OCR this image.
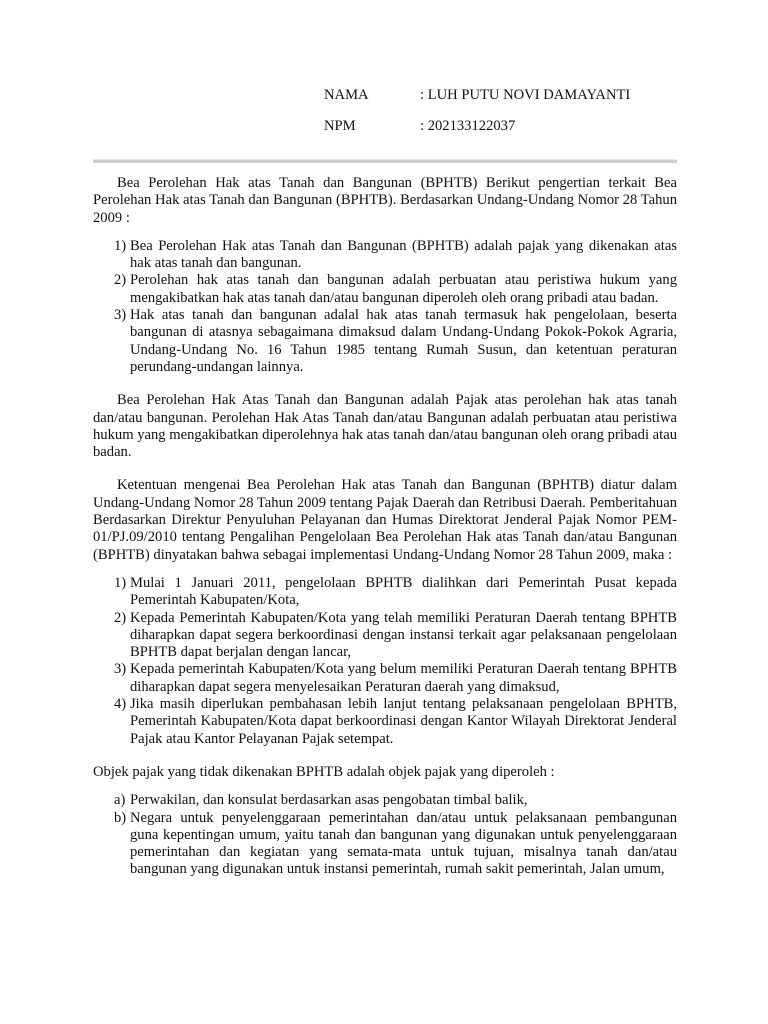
NAMA	: LUH PUTU NOVI DAMAYANTI
NPM	: 202133122037

Bea Perolehan Hak atas Tanah dan Bangunan (BPHTB) Berikut pengertian terkait Bea Perolehan Hak atas Tanah dan Bangunan (BPHTB). Berdasarkan Undang-Undang Nomor 28 Tahun 2009 :

1) Bea Perolehan Hak atas Tanah dan Bangunan (BPHTB) adalah pajak yang dikenakan atas hak atas tanah dan bangunan.
2) Perolehan hak atas tanah dan bangunan adalah perbuatan atau peristiwa hukum yang mengakibatkan hak atas tanah dan/atau bangunan diperoleh oleh orang pribadi atau badan.
3) Hak atas tanah dan bangunan adalal hak atas tanah termasuk hak pengelolaan, beserta bangunan di atasnya sebagaimana dimaksud dalam Undang-Undang Pokok-Pokok Agraria, Undang-Undang No. 16 Tahun 1985 tentang Rumah Susun, dan ketentuan peraturan perundang-undangan lainnya.

Bea Perolehan Hak Atas Tanah dan Bangunan adalah Pajak atas perolehan hak atas tanah dan/atau bangunan. Perolehan Hak Atas Tanah dan/atau Bangunan adalah perbuatan atau peristiwa hukum yang mengakibatkan diperolehnya hak atas tanah dan/atau bangunan oleh orang pribadi atau badan.

Ketentuan mengenai Bea Perolehan Hak atas Tanah dan Bangunan (BPHTB) diatur dalam Undang-Undang Nomor 28 Tahun 2009 tentang Pajak Daerah dan Retribusi Daerah. Pemberitahuan Berdasarkan Direktur Penyuluhan Pelayanan dan Humas Direktorat Jenderal Pajak Nomor PEM-01/PJ.09/2010 tentang Pengalihan Pengelolaan Bea Perolehan Hak atas Tanah dan/atau Bangunan (BPHTB) dinyatakan bahwa sebagai implementasi Undang-Undang Nomor 28 Tahun 2009, maka :

1) Mulai 1 Januari 2011, pengelolaan BPHTB dialihkan dari Pemerintah Pusat kepada Pemerintah Kabupaten/Kota,
2) Kepada Pemerintah Kabupaten/Kota yang telah memiliki Peraturan Daerah tentang BPHTB diharapkan dapat segera berkoordinasi dengan instansi terkait agar pelaksanaan pengelolaan BPHTB dapat berjalan dengan lancar,
3) Kepada pemerintah Kabupaten/Kota yang belum memiliki Peraturan Daerah tentang BPHTB diharapkan dapat segera menyelesaikan Peraturan daerah yang dimaksud,
4) Jika masih diperlukan pembahasan lebih lanjut tentang pelaksanaan pengelolaan BPHTB, Pemerintah Kabupaten/Kota dapat berkoordinasi dengan Kantor Wilayah Direktorat Jenderal Pajak atau Kantor Pelayanan Pajak setempat.

Objek pajak yang tidak dikenakan BPHTB adalah objek pajak yang diperoleh :

a) Perwakilan, dan konsulat berdasarkan asas pengobatan timbal balik,
b) Negara untuk penyelenggaraan pemerintahan dan/atau untuk pelaksanaan pembangunan guna kepentingan umum, yaitu tanah dan bangunan yang digunakan untuk penyelenggaraan pemerintahan dan kegiatan yang semata-mata untuk tujuan, misalnya tanah dan/atau bangunan yang digunakan untuk instansi pemerintah, rumah sakit pemerintah, Jalan umum,
